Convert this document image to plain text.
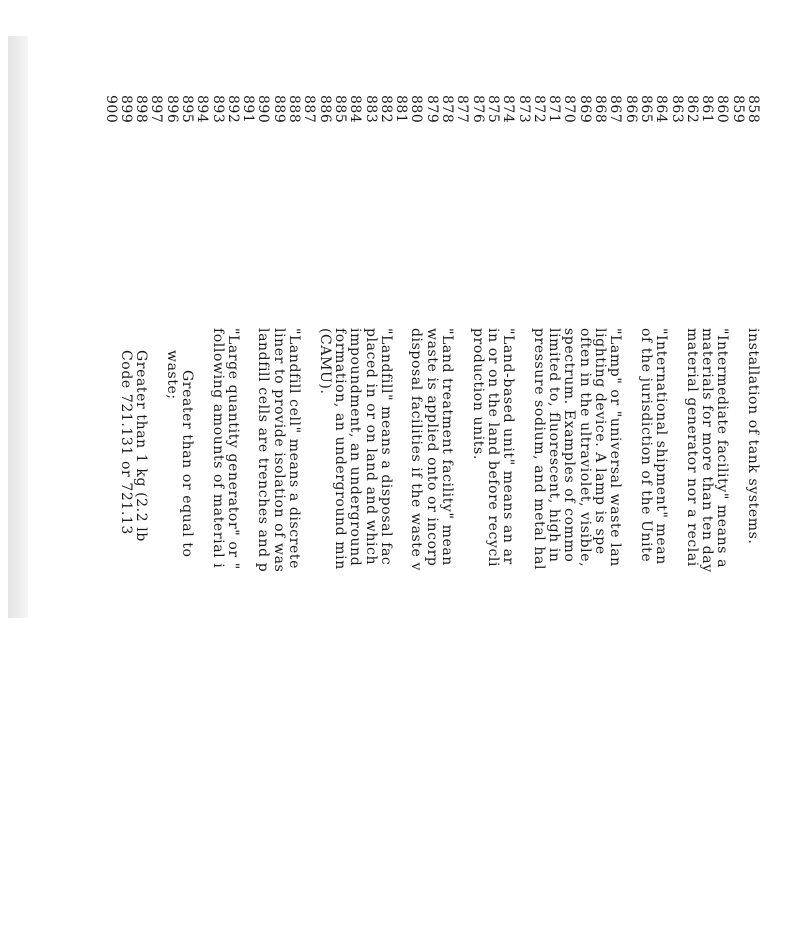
858
859
860
861
862
863
864
865
866
867
868
869
870
871
872
873
874
875
876
877
878
879
880
881
882
883
884
885
886
887
888
889
890
891
892
893
894
895
896
897
898
899
900
installation of tank systems.
"Intermediate facility" means a
materials for more than ten day
material generator nor a reclai
"International shipment" mean
of the jurisdiction of the Unite
"Lamp" or "universal waste lan
lighting device. A lamp is spe
often in the ultraviolet, visible,
spectrum. Examples of commo
limited to, fluorescent, high in
pressure sodium, and metal hal
"Land-based unit" means an ar
in or on the land before recycli
production units.
"Land treatment facility" mean
waste is applied onto or incorp
disposal facilities if the waste v
"Landfill" means a disposal fac
placed in or on land and which
impoundment, an underground
formation, an underground min
(CAMU).
"Landfill cell" means a discrete
liner to provide isolation of was
landfill cells are trenches and p
"Large quantity generator" or "
following amounts of material i
Greater than or equal to
waste;
Greater than 1 kg (2.2 lb
Code 721.131 or 721.13
